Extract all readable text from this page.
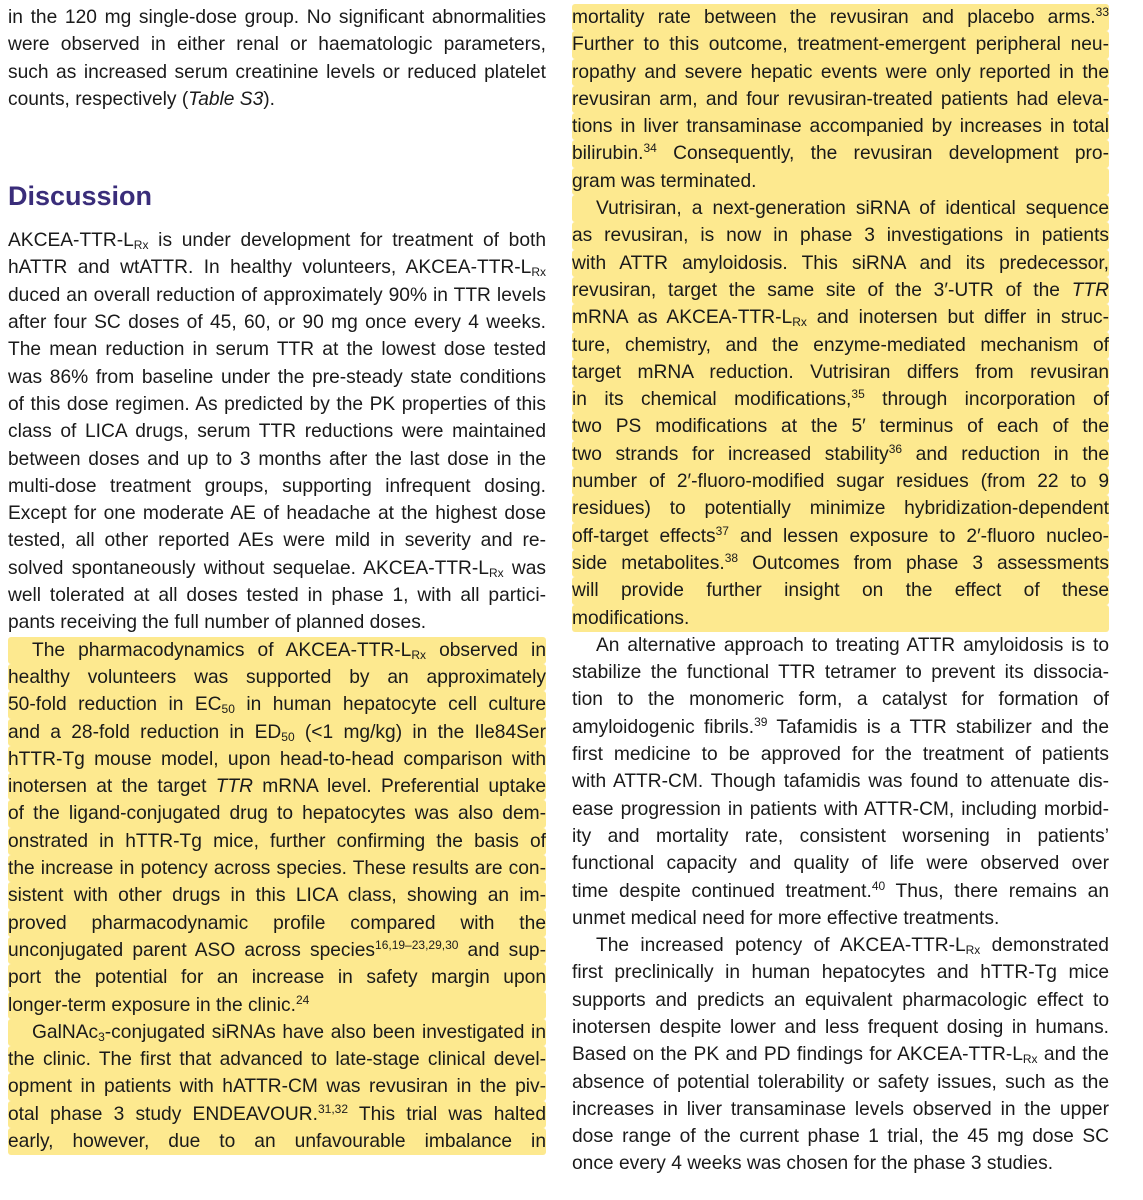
in the 120 mg single-dose group. No significant abnormalities
were observed in either renal or haematologic parameters,
such as increased serum creatinine levels or reduced platelet
counts, respectively (Table S3).
Discussion
AKCEA-$TTR-L_{Rx}$ is under development for treatment of both
hATTR and wtATTR. In healthy volunteers, AKCEA-$TTR-L_{Rx}$
duced an overall reduction of approximately 90% in TTR levels
after four SC doses of 45, 60, or 90 mg once every 4 weeks.
The mean reduction in serum TTR at the lowest dose tested
was 86% from baseline under the pre-steady state conditions
of this dose regimen. As predicted by the PK properties of this
class of LICA drugs, serum TTR reductions were maintained
between doses and up to 3 months after the last dose in the
multi-dose treatment groups, supporting infrequent dosing.
Except for one moderate AE of headache at the highest dose
tested, all other reported AEs were mild in severity and re-
solved spontaneously without sequelae. AKCEA-$TTR-L_{Rx}$ was
well tolerated at all doses tested in phase 1, with all partici-
pants receiving the full number of planned doses.
The pharmacodynamics of AKCEA-$TTR-L_{Rx}$ observed in
healthy volunteers was supported by an approximately
50-fold reduction in $EC_{50}$ in human hepatocyte cell culture
and a 28-fold reduction in $ED_{50}$ (<1 mg/kg) in the Ile84Ser
hTTR-Tg mouse model, upon head-to-head comparison with
inotersen at the target TTR mRNA level. Preferential uptake
of the ligand-conjugated drug to hepatocytes was also dem-
onstrated in hTTR-Tg mice, further confirming the basis of
the increase in potency across species. These results are con-
sistent with other drugs in this LICA class, showing an im-
proved pharmacodynamic profile compared with the
unconjugated parent ASO across species$^{16,19-23,29,30}$ and sup-
port the potential for an increase in safety margin upon
longer-term exposure in the clinic.$^{24}$
GalNAc$_3$-conjugated siRNAs have also been investigated in
the clinic. The first that advanced to late-stage clinical devel-
opment in patients with hATTR-CM was revusiran in the piv-
otal phase 3 study ENDEAVOUR.$^{31,32}$ This trial was halted
early, however, due to an unfavourable imbalance in
mortality rate between the revusiran and placebo arms.$^{33}$
Further to this outcome, treatment-emergent peripheral neu-
ropathy and severe hepatic events were only reported in the
revusiran arm, and four revusiran-treated patients had eleva-
tions in liver transaminase accompanied by increases in total
bilirubin.$^{34}$ Consequently, the revusiran development pro-
gram was terminated.
Vutrisiran, a next-generation siRNA of identical sequence
as revusiran, is now in phase 3 investigations in patients
with ATTR amyloidosis. This siRNA and its predecessor,
revusiran, target the same site of the 3′-UTR of the TTR
mRNA as AKCEA-$TTR-L_{Rx}$ and inotersen but differ in struc-
ture, chemistry, and the enzyme-mediated mechanism of
target mRNA reduction. Vutrisiran differs from revusiran
in its chemical modifications,$^{35}$ through incorporation of
two PS modifications at the 5′ terminus of each of the
two strands for increased stability$^{36}$ and reduction in the
number of 2′-fluoro-modified sugar residues (from 22 to 9
residues) to potentially minimize hybridization-dependent
off-target effects$^{37}$ and lessen exposure to 2′-fluoro nucleo-
side metabolites.$^{38}$ Outcomes from phase 3 assessments
will provide further insight on the effect of these
modifications.
An alternative approach to treating ATTR amyloidosis is to
stabilize the functional TTR tetramer to prevent its dissocia-
tion to the monomeric form, a catalyst for formation of
amyloidogenic fibrils.$^{39}$ Tafamidis is a TTR stabilizer and the
first medicine to be approved for the treatment of patients
with ATTR-CM. Though tafamidis was found to attenuate dis-
ease progression in patients with ATTR-CM, including morbid-
ity and mortality rate, consistent worsening in patients’
functional capacity and quality of life were observed over
time despite continued treatment.$^{40}$ Thus, there remains an
unmet medical need for more effective treatments.
The increased potency of AKCEA-$TTR-L_{Rx}$ demonstrated
first preclinically in human hepatocytes and hTTR-Tg mice
supports and predicts an equivalent pharmacologic effect to
inotersen despite lower and less frequent dosing in humans.
Based on the PK and PD findings for AKCEA-$TTR-L_{Rx}$ and the
absence of potential tolerability or safety issues, such as the
increases in liver transaminase levels observed in the upper
dose range of the current phase 1 trial, the 45 mg dose SC
once every 4 weeks was chosen for the phase 3 studies.
